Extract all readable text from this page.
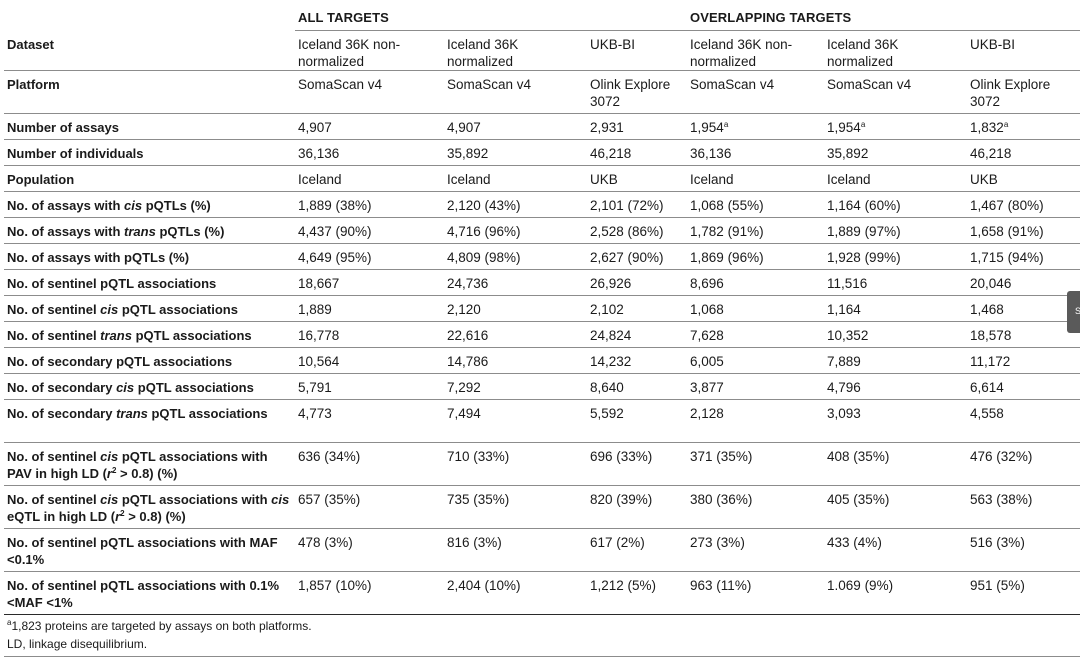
	ALL TARGETS			OVERLAPPING TARGETS		
Dataset	Iceland 36K non-normalized	Iceland 36K normalized	UKB-BI	Iceland 36K non-normalized	Iceland 36K normalized	UKB-BI
Platform	SomaScan v4	SomaScan v4	Olink Explore 3072	SomaScan v4	SomaScan v4	Olink Explore 3072
Number of assays	4,907	4,907	2,931	1,954$^a$	1,954$^a$	1,832$^a$
Number of individuals	36,136	35,892	46,218	36,136	35,892	46,218
Population	Iceland	Iceland	UKB	Iceland	Iceland	UKB
No. of assays with cis pQTLs (%)	1,889 (38%)	2,120 (43%)	2,101 (72%)	1,068 (55%)	1,164 (60%)	1,467 (80%)
No. of assays with trans pQTLs (%)	4,437 (90%)	4,716 (96%)	2,528 (86%)	1,782 (91%)	1,889 (97%)	1,658 (91%)
No. of assays with pQTLs (%)	4,649 (95%)	4,809 (98%)	2,627 (90%)	1,869 (96%)	1,928 (99%)	1,715 (94%)
No. of sentinel pQTL associations	18,667	24,736	26,926	8,696	11,516	20,046
No. of sentinel cis pQTL associations	1,889	2,120	2,102	1,068	1,164	1,468
No. of sentinel trans pQTL associations	16,778	22,616	24,824	7,628	10,352	18,578
No. of secondary pQTL associations	10,564	14,786	14,232	6,005	7,889	11,172
No. of secondary cis pQTL associations	5,791	7,292	8,640	3,877	4,796	6,614
No. of secondary trans pQTL associations	4,773	7,494	5,592	2,128	3,093	4,558
No. of sentinel cis pQTL associations with PAV in high LD $(r^2 > 0.8)$ (%)	636 (34%)	710 (33%)	696 (33%)	371 (35%)	408 (35%)	476 (32%)
No. of sentinel cis pQTL associations with cis eQTL in high LD $(r^2 > 0.8)$ (%)	657 (35%)	735 (35%)	820 (39%)	380 (36%)	405 (35%)	563 (38%)
No. of sentinel pQTL associations with MAF <0.1%	478 (3%)	816 (3%)	617 (2%)	273 (3%)	433 (4%)	516 (3%)
No. of sentinel pQTL associations with 0.1%<MAF <1%	1,857 (10%)	2,404 (10%)	1,212 (5%)	963 (11%)	1.069 (9%)	951 (5%)
$^a$1,823 proteins are targeted by assays on both platforms.
LD, linkage disequilibrium.
S
